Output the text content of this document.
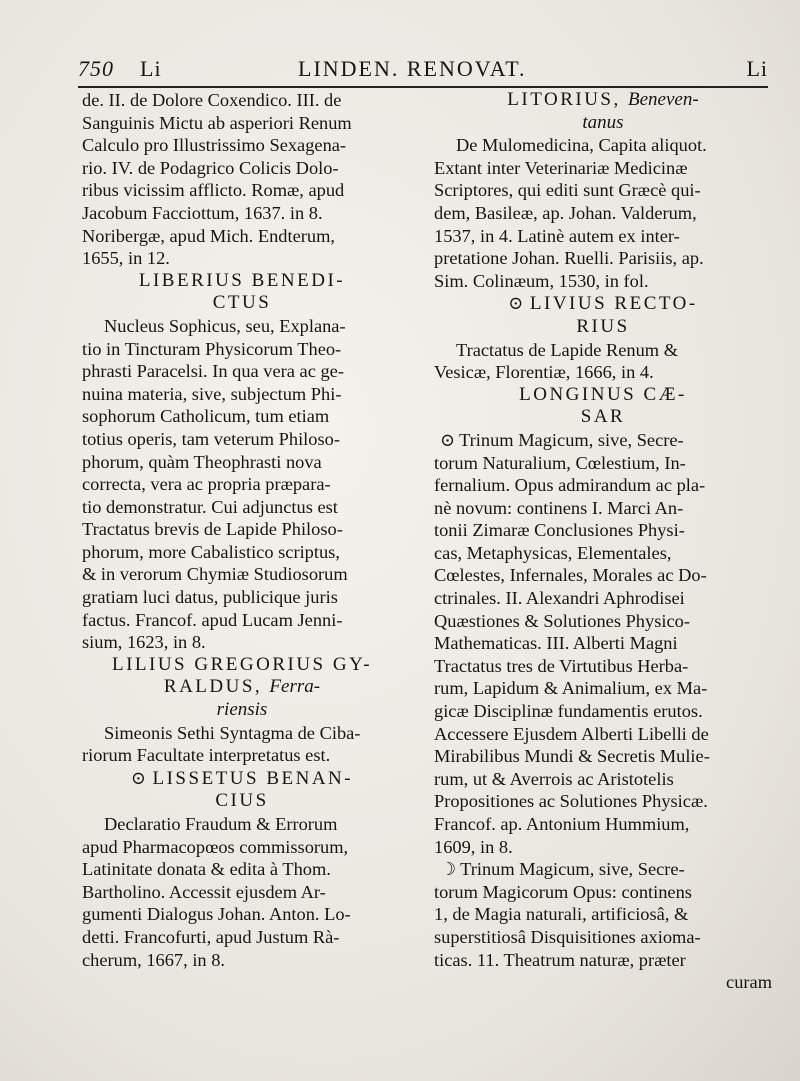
750 Li	LINDEN. RENOVAT.	Li
de. II. de Dolore Coxendico. III. de
Sanguinis Mictu ab asperiori Renum
Calculo pro Illustrissimo Sexagena-
rio. IV. de Podagrico Colicis Dolo-
ribus vicissim afflicto. Romæ, apud
Jacobum Facciottum, 1637. in 8.
Noribergæ, apud Mich. Endterum,
1655, in 12.

LIBERIUS BENEDI-
CTUS

Nucleus Sophicus, seu, Explana-
tio in Tincturam Physicorum Theo-
phrasti Paracelsi. In qua vera ac ge-
nuina materia, sive, subjectum Phi-
sophorum Catholicum, tum etiam
totius operis, tam veterum Philoso-
phorum, quàm Theophrasti nova
correcta, vera ac propria præpara-
tio demonstratur. Cui adjunctus est
Tractatus brevis de Lapide Philoso-
phorum, more Cabalistico scriptus,
& in verorum Chymiæ Studiosorum
gratiam luci datus, publicique juris
factus. Francof. apud Lucam Jenni-
sium, 1623, in 8.

LILIUS GREGORIUS GY-
RALDUS, Ferra-
riensis

Simeonis Sethi Syntagma de Ciba-
riorum Facultate interpretatus est.

⊙ LISSETUS BENAN-
CIUS

Declaratio Fraudum & Errorum
apud Pharmacopœos commissorum,
Latinitate donata & edita à Thom.
Bartholino. Accessit ejusdem Ar-
gumenti Dialogus Johan. Anton. Lo-
detti. Francofurti, apud Justum Rà-
cherum, 1667, in 8.

LITORIUS, Beneven-
tanus

De Mulomedicina, Capita aliquot.
Extant inter Veterinariæ Medicinæ
Scriptores, qui editi sunt Græcè qui-
dem, Basileæ, ap. Johan. Valderum,
1537, in 4. Latinè autem ex inter-
pretatione Johan. Ruelli. Parisiis, ap.
Sim. Colinæum, 1530, in fol.

⊙ LIVIUS RECTO-
RIUS

Tractatus de Lapide Renum &
Vesicæ, Florentiæ, 1666, in 4.

LONGINUS CÆ-
SAR

⊙ Trinum Magicum, sive, Secre-
torum Naturalium, Cœlestium, In-
fernalium. Opus admirandum ac pla-
nè novum: continens I. Marci An-
tonii Zimaræ Conclusiones Physi-
cas, Metaphysicas, Elementales,
Cœlestes, Infernales, Morales ac Do-
ctrinales. II. Alexandri Aphrodisei
Quæstiones & Solutiones Physico-
Mathematicas. III. Alberti Magni
Tractatus tres de Virtutibus Herba-
rum, Lapidum & Animalium, ex Ma-
gicæ Disciplinæ fundamentis erutos.
Accessere Ejusdem Alberti Libelli de
Mirabilibus Mundi & Secretis Mulie-
rum, ut & Averrois ac Aristotelis
Propositiones ac Solutiones Physicæ.
Francof. ap. Antonium Hummium,
1609, in 8.
☽ Trinum Magicum, sive, Secre-
torum Magicorum Opus: continens
1, de Magia naturali, artificiosâ, &
superstitiosâ Disquisitiones axioma-
ticas. 11. Theatrum naturæ, præter
curam
